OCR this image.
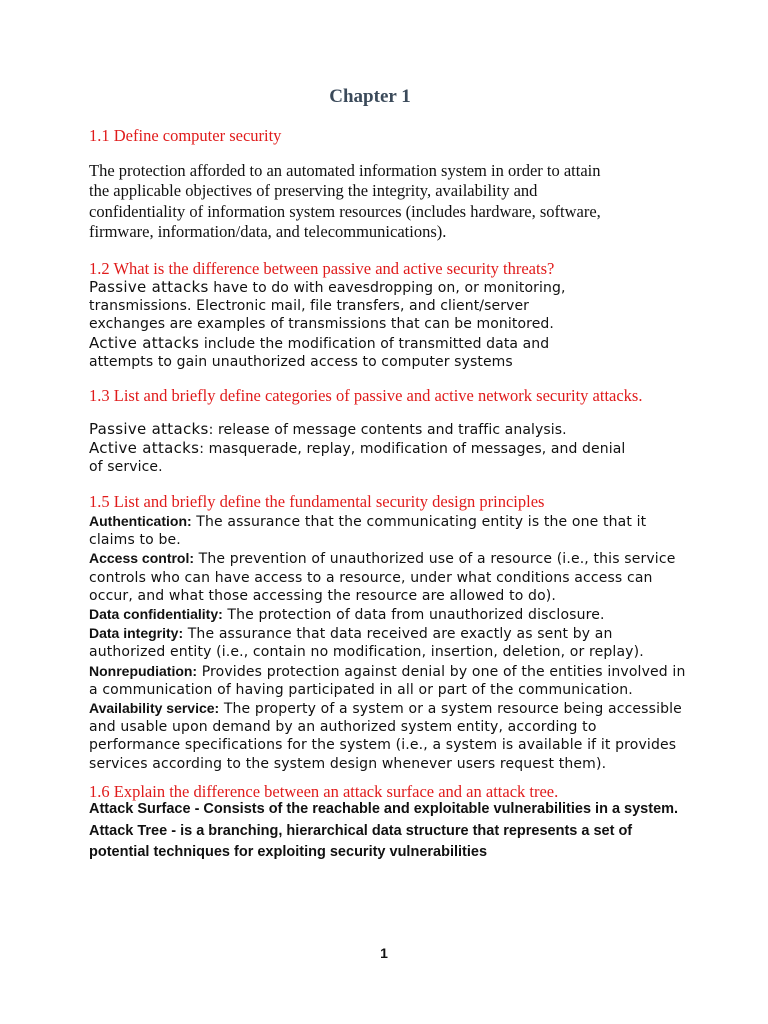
Chapter 1
1.1 Define computer security
The protection afforded to an automated information system in order to attain
the applicable objectives of preserving the integrity, availability and
confidentiality of information system resources (includes hardware, software,
firmware, information/data, and telecommunications).
1.2 What is the difference between passive and active security threats?
Passive attacks have to do with eavesdropping on, or monitoring,
transmissions. Electronic mail, file transfers, and client/server
exchanges are examples of transmissions that can be monitored.
Active attacks include the modification of transmitted data and
attempts to gain unauthorized access to computer systems
1.3 List and briefly define categories of passive and active network security attacks.
Passive attacks: release of message contents and traffic analysis.
Active attacks: masquerade, replay, modification of messages, and denial
of service.
1.5 List and briefly define the fundamental security design principles
Authentication: The assurance that the communicating entity is the one that it
claims to be.
Access control: The prevention of unauthorized use of a resource (i.e., this service
controls who can have access to a resource, under what conditions access can
occur, and what those accessing the resource are allowed to do).
Data confidentiality: The protection of data from unauthorized disclosure.
Data integrity: The assurance that data received are exactly as sent by an
authorized entity (i.e., contain no modification, insertion, deletion, or replay).
Nonrepudiation: Provides protection against denial by one of the entities involved in
a communication of having participated in all or part of the communication.
Availability service: The property of a system or a system resource being accessible
and usable upon demand by an authorized system entity, according to
performance specifications for the system (i.e., a system is available if it provides
services according to the system design whenever users request them).
1.6 Explain the difference between an attack surface and an attack tree.
Attack Surface - Consists of the reachable and exploitable vulnerabilities in a system.
Attack Tree - is a branching, hierarchical data structure that represents a set of
potential techniques for exploiting security vulnerabilities
1
